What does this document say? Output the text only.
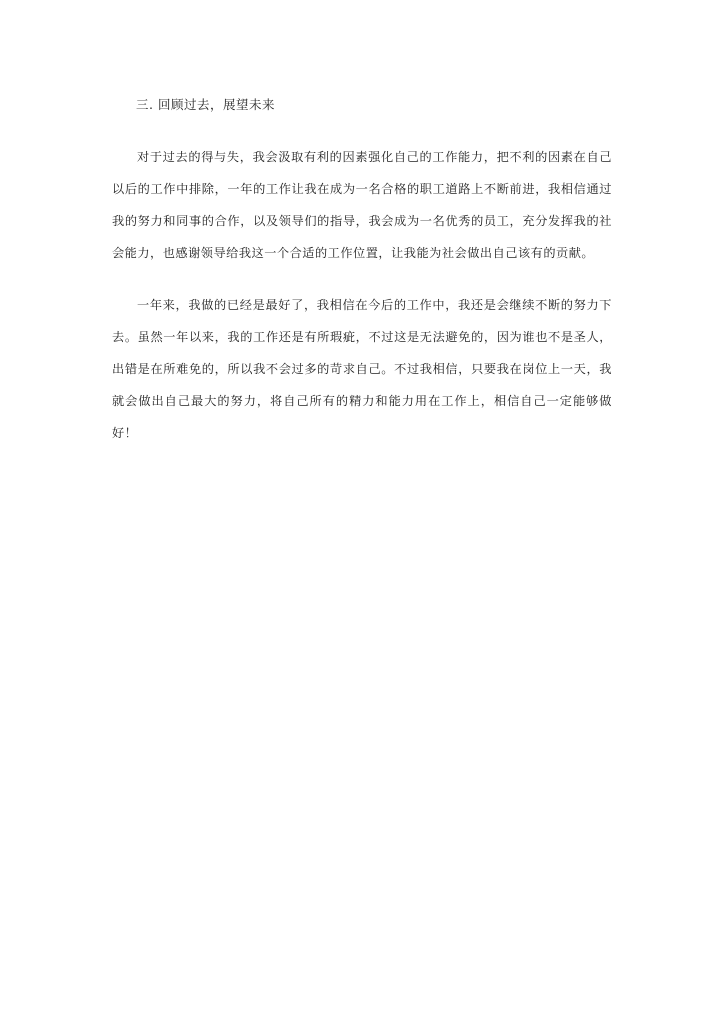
三. 回顾过去，展望未来

对于过去的得与失，我会汲取有利的因素强化自己的工作能力，把不利的因素在自己以后的工作中排除，一年的工作让我在成为一名合格的职工道路上不断前进，我相信通过我的努力和同事的合作，以及领导们的指导，我会成为一名优秀的员工，充分发挥我的社会能力，也感谢领导给我这一个合适的工作位置，让我能为社会做出自己该有的贡献。

一年来，我做的已经是最好了，我相信在今后的工作中，我还是会继续不断的努力下去。虽然一年以来，我的工作还是有所瑕疵，不过这是无法避免的，因为谁也不是圣人，出错是在所难免的，所以我不会过多的苛求自己。不过我相信，只要我在岗位上一天，我就会做出自己最大的努力，将自己所有的精力和能力用在工作上，相信自己一定能够做好！
